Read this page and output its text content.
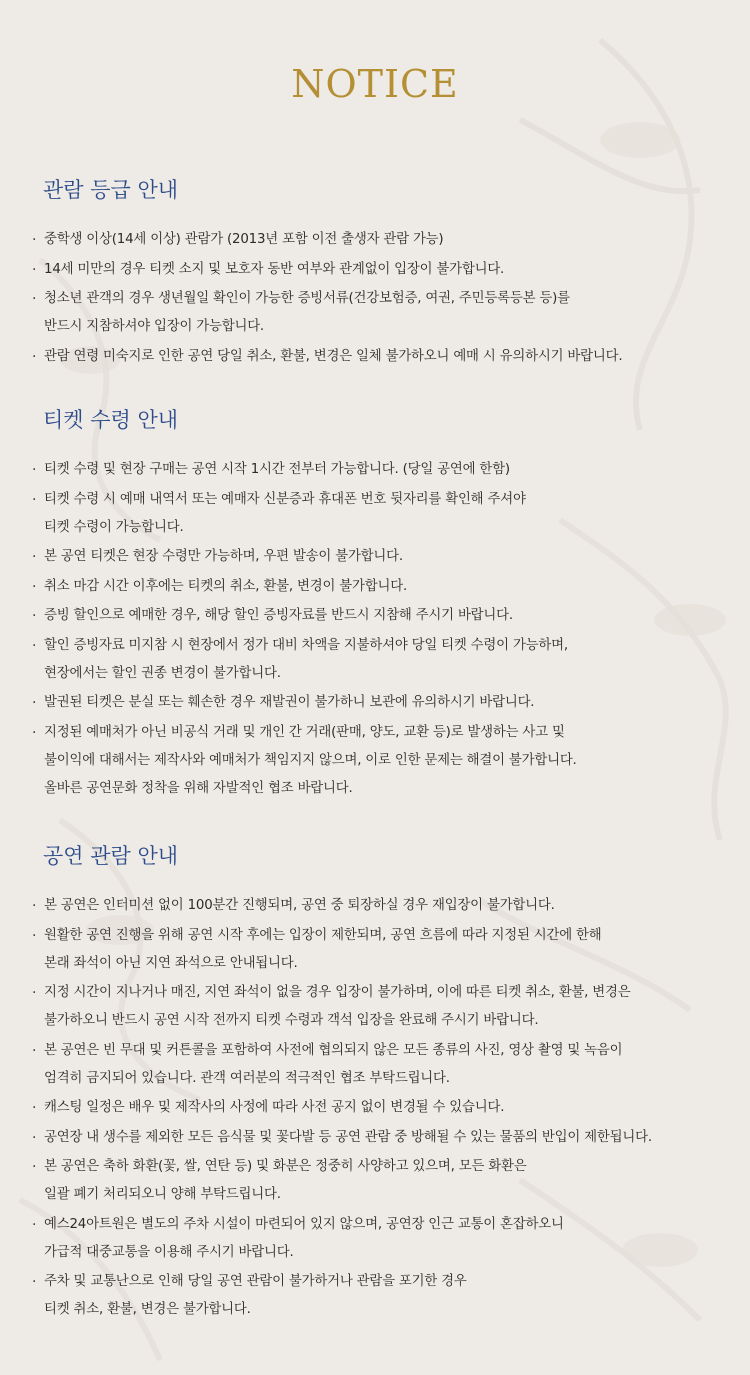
NOTICE
관람 등급 안내
· 중학생 이상(14세 이상) 관람가 (2013년 포함 이전 출생자 관람 가능)
· 14세 미만의 경우 티켓 소지 및 보호자 동반 여부와 관계없이 입장이 불가합니다.
· 청소년 관객의 경우 생년월일 확인이 가능한 증빙서류(건강보험증, 여권, 주민등록등본 등)를
반드시 지참하셔야 입장이 가능합니다.
· 관람 연령 미숙지로 인한 공연 당일 취소, 환불, 변경은 일체 불가하오니 예매 시 유의하시기 바랍니다.
티켓 수령 안내
· 티켓 수령 및 현장 구매는 공연 시작 1시간 전부터 가능합니다. (당일 공연에 한함)
· 티켓 수령 시 예매 내역서 또는 예매자 신분증과 휴대폰 번호 뒷자리를 확인해 주셔야
티켓 수령이 가능합니다.
· 본 공연 티켓은 현장 수령만 가능하며, 우편 발송이 불가합니다.
· 취소 마감 시간 이후에는 티켓의 취소, 환불, 변경이 불가합니다.
· 증빙 할인으로 예매한 경우, 해당 할인 증빙자료를 반드시 지참해 주시기 바랍니다.
· 할인 증빙자료 미지참 시 현장에서 정가 대비 차액을 지불하셔야 당일 티켓 수령이 가능하며,
현장에서는 할인 권종 변경이 불가합니다.
· 발권된 티켓은 분실 또는 훼손한 경우 재발권이 불가하니 보관에 유의하시기 바랍니다.
· 지정된 예매처가 아닌 비공식 거래 및 개인 간 거래(판매, 양도, 교환 등)로 발생하는 사고 및
불이익에 대해서는 제작사와 예매처가 책임지지 않으며, 이로 인한 문제는 해결이 불가합니다.
올바른 공연문화 정착을 위해 자발적인 협조 바랍니다.
공연 관람 안내
· 본 공연은 인터미션 없이 100분간 진행되며, 공연 중 퇴장하실 경우 재입장이 불가합니다.
· 원활한 공연 진행을 위해 공연 시작 후에는 입장이 제한되며, 공연 흐름에 따라 지정된 시간에 한해
본래 좌석이 아닌 지연 좌석으로 안내됩니다.
· 지정 시간이 지나거나 매진, 지연 좌석이 없을 경우 입장이 불가하며, 이에 따른 티켓 취소, 환불, 변경은
불가하오니 반드시 공연 시작 전까지 티켓 수령과 객석 입장을 완료해 주시기 바랍니다.
· 본 공연은 빈 무대 및 커튼콜을 포함하여 사전에 협의되지 않은 모든 종류의 사진, 영상 촬영 및 녹음이
엄격히 금지되어 있습니다. 관객 여러분의 적극적인 협조 부탁드립니다.
· 캐스팅 일정은 배우 및 제작사의 사정에 따라 사전 공지 없이 변경될 수 있습니다.
· 공연장 내 생수를 제외한 모든 음식물 및 꽃다발 등 공연 관람 중 방해될 수 있는 물품의 반입이 제한됩니다.
· 본 공연은 축하 화환(꽃, 쌀, 연탄 등) 및 화분은 정중히 사양하고 있으며, 모든 화환은
일괄 폐기 처리되오니 양해 부탁드립니다.
· 예스24아트원은 별도의 주차 시설이 마련되어 있지 않으며, 공연장 인근 교통이 혼잡하오니
가급적 대중교통을 이용해 주시기 바랍니다.
· 주차 및 교통난으로 인해 당일 공연 관람이 불가하거나 관람을 포기한 경우
티켓 취소, 환불, 변경은 불가합니다.
